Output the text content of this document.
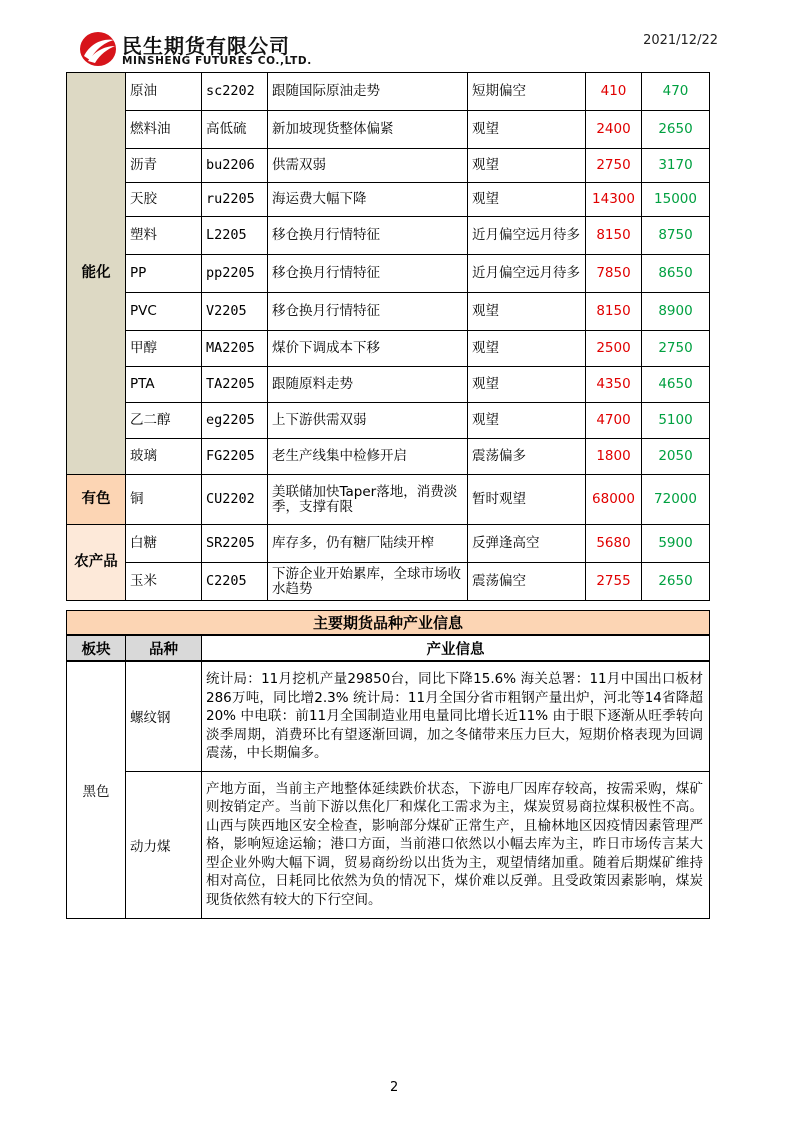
民生期货有限公司
MINSHENG FUTURES CO.,LTD.
2021/12/22
能化	原油	sc2202	跟随国际原油走势	短期偏空	410	470
	燃料油	高低硫	新加坡现货整体偏紧	观望	2400	2650
	沥青	bu2206	供需双弱	观望	2750	3170
	天胶	ru2205	海运费大幅下降	观望	14300	15000
	塑料	L2205	移仓换月行情特征	近月偏空远月待多	8150	8750
	PP	pp2205	移仓换月行情特征	近月偏空远月待多	7850	8650
	PVC	V2205	移仓换月行情特征	观望	8150	8900
	甲醇	MA2205	煤价下调成本下移	观望	2500	2750
	PTA	TA2205	跟随原料走势	观望	4350	4650
	乙二醇	eg2205	上下游供需双弱	观望	4700	5100
	玻璃	FG2205	老生产线集中检修开启	震荡偏多	1800	2050
有色	铜	CU2202	美联储加快Taper落地，消费淡季，支撑有限	暂时观望	68000	72000
农产品	白糖	SR2205	库存多，仍有糖厂陆续开榨	反弹逢高空	5680	5900
	玉米	C2205	下游企业开始累库，全球市场收水趋势	震荡偏空	2755	2650
主要期货品种产业信息		
板块	品种	产业信息
黑色	螺纹钢	统计局：11月挖机产量29850台，同比下降15.6% 海关总署：11月中国出口板材286万吨，同比增2.3% 统计局：11月全国分省市粗钢产量出炉，河北等14省降超20% 中电联：前11月全国制造业用电量同比增长近11% 由于眼下逐渐从旺季转向淡季周期，消费环比有望逐渐回调，加之冬储带来压力巨大，短期价格表现为回调震荡，中长期偏多。
	动力煤	产地方面，当前主产地整体延续跌价状态，下游电厂因库存较高，按需采购，煤矿则按销定产。当前下游以焦化厂和煤化工需求为主，煤炭贸易商拉煤积极性不高。山西与陕西地区安全检查，影响部分煤矿正常生产，且榆林地区因疫情因素管理严格，影响短途运输；港口方面，当前港口依然以小幅去库为主，昨日市场传言某大型企业外购大幅下调，贸易商纷纷以出货为主，观望情绪加重。随着后期煤矿维持相对高位，日耗同比依然为负的情况下，煤价难以反弹。且受政策因素影响，煤炭现货依然有较大的下行空间。
2
